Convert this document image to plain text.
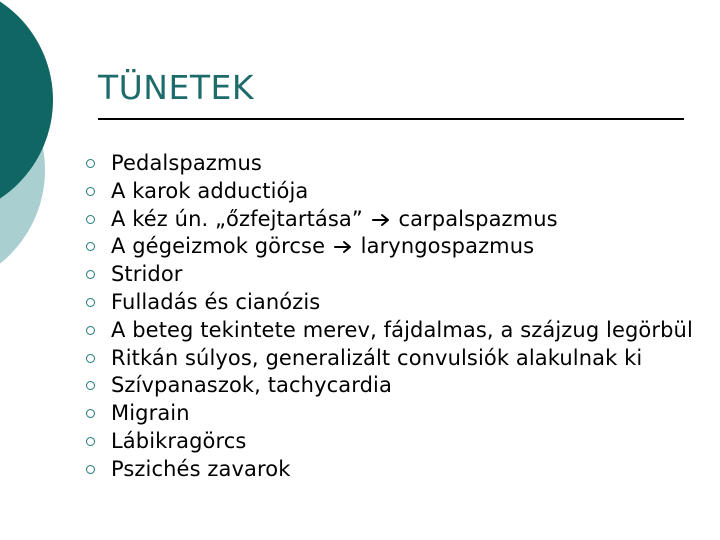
TÜNETEK
Pedalspazmus
A karok adductiója
A kéz ún. „őzfejtartása” carpalspazmus
A gégeizmok görcse laryngospazmus
Stridor
Fulladás és cianózis
A beteg tekintete merev, fájdalmas, a szájzug legörbül
Ritkán súlyos, generalizált convulsiók alakulnak ki
Szívpanaszok, tachycardia
Migrain
Lábikragörcs
Pszichés zavarok
